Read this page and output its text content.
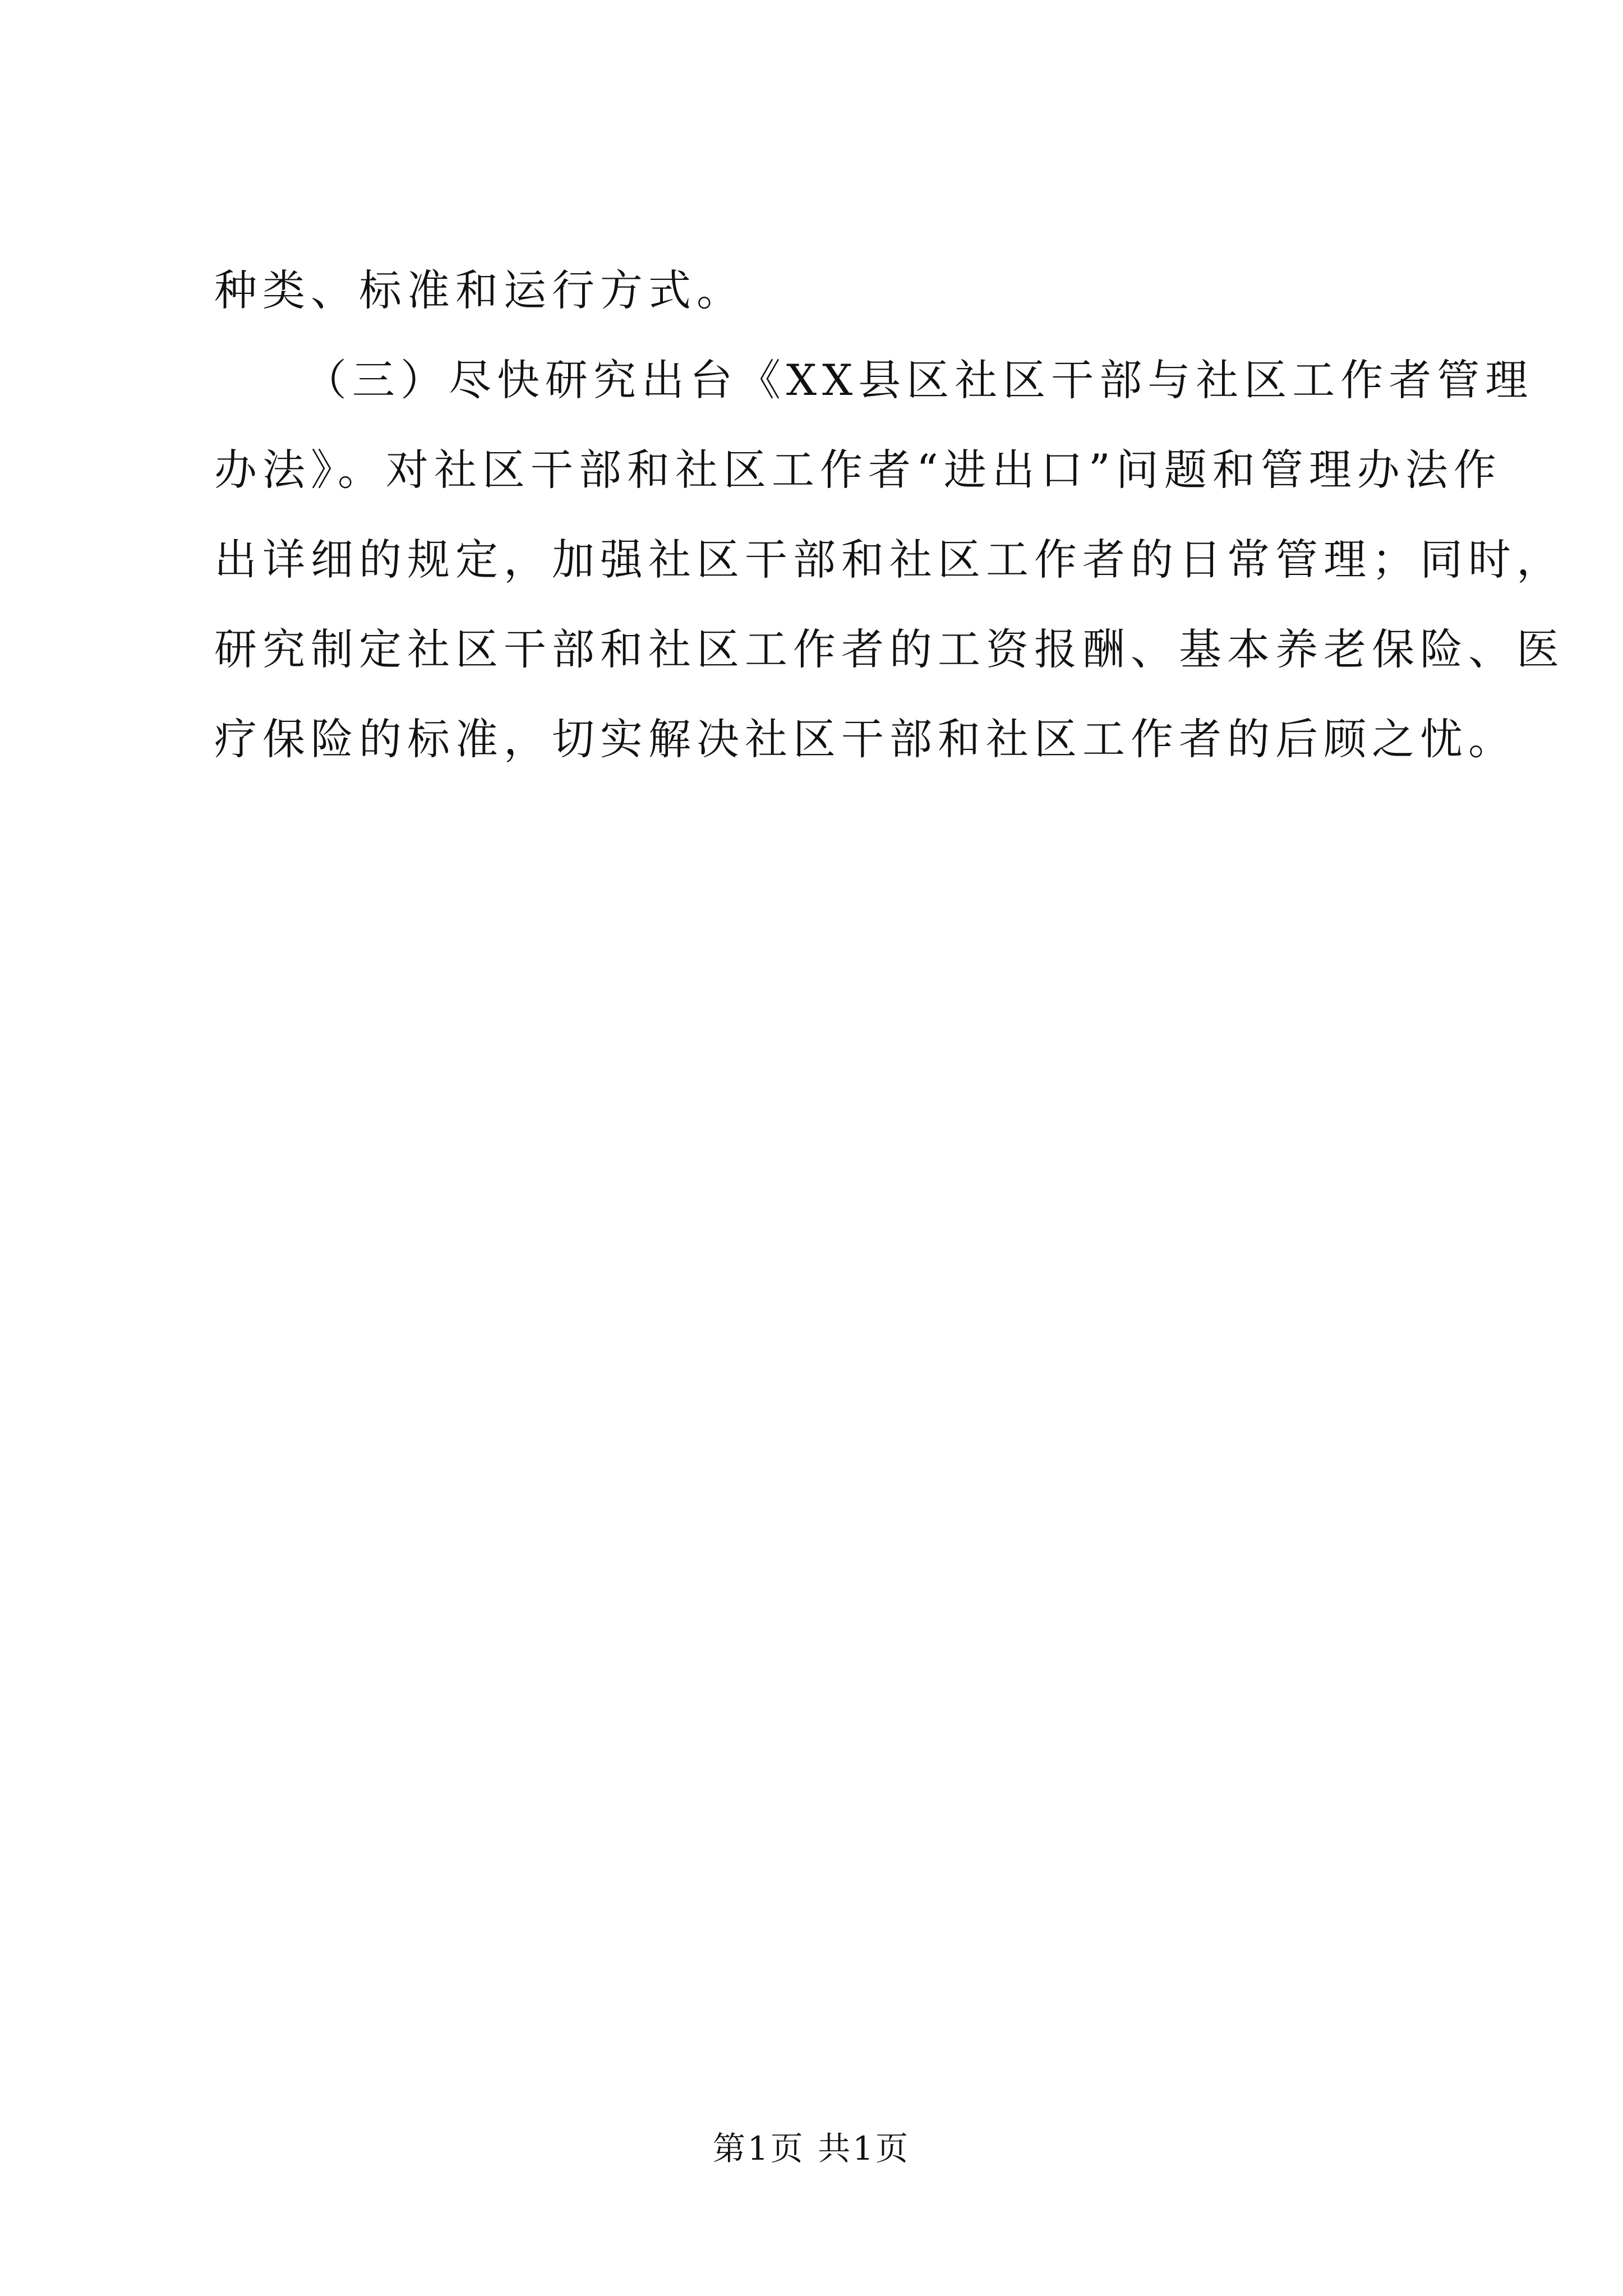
种类、标准和运行方式。
（三）尽快研究出台《XX县区社区干部与社区工作者管理
办法》。对社区干部和社区工作者“进出口”问题和管理办法作
出详细的规定，加强社区干部和社区工作者的日常管理；同时，
研究制定社区干部和社区工作者的工资报酬、基本养老保险、医
疗保险的标准，切实解决社区干部和社区工作者的后顾之忧。
第1页 共1页
